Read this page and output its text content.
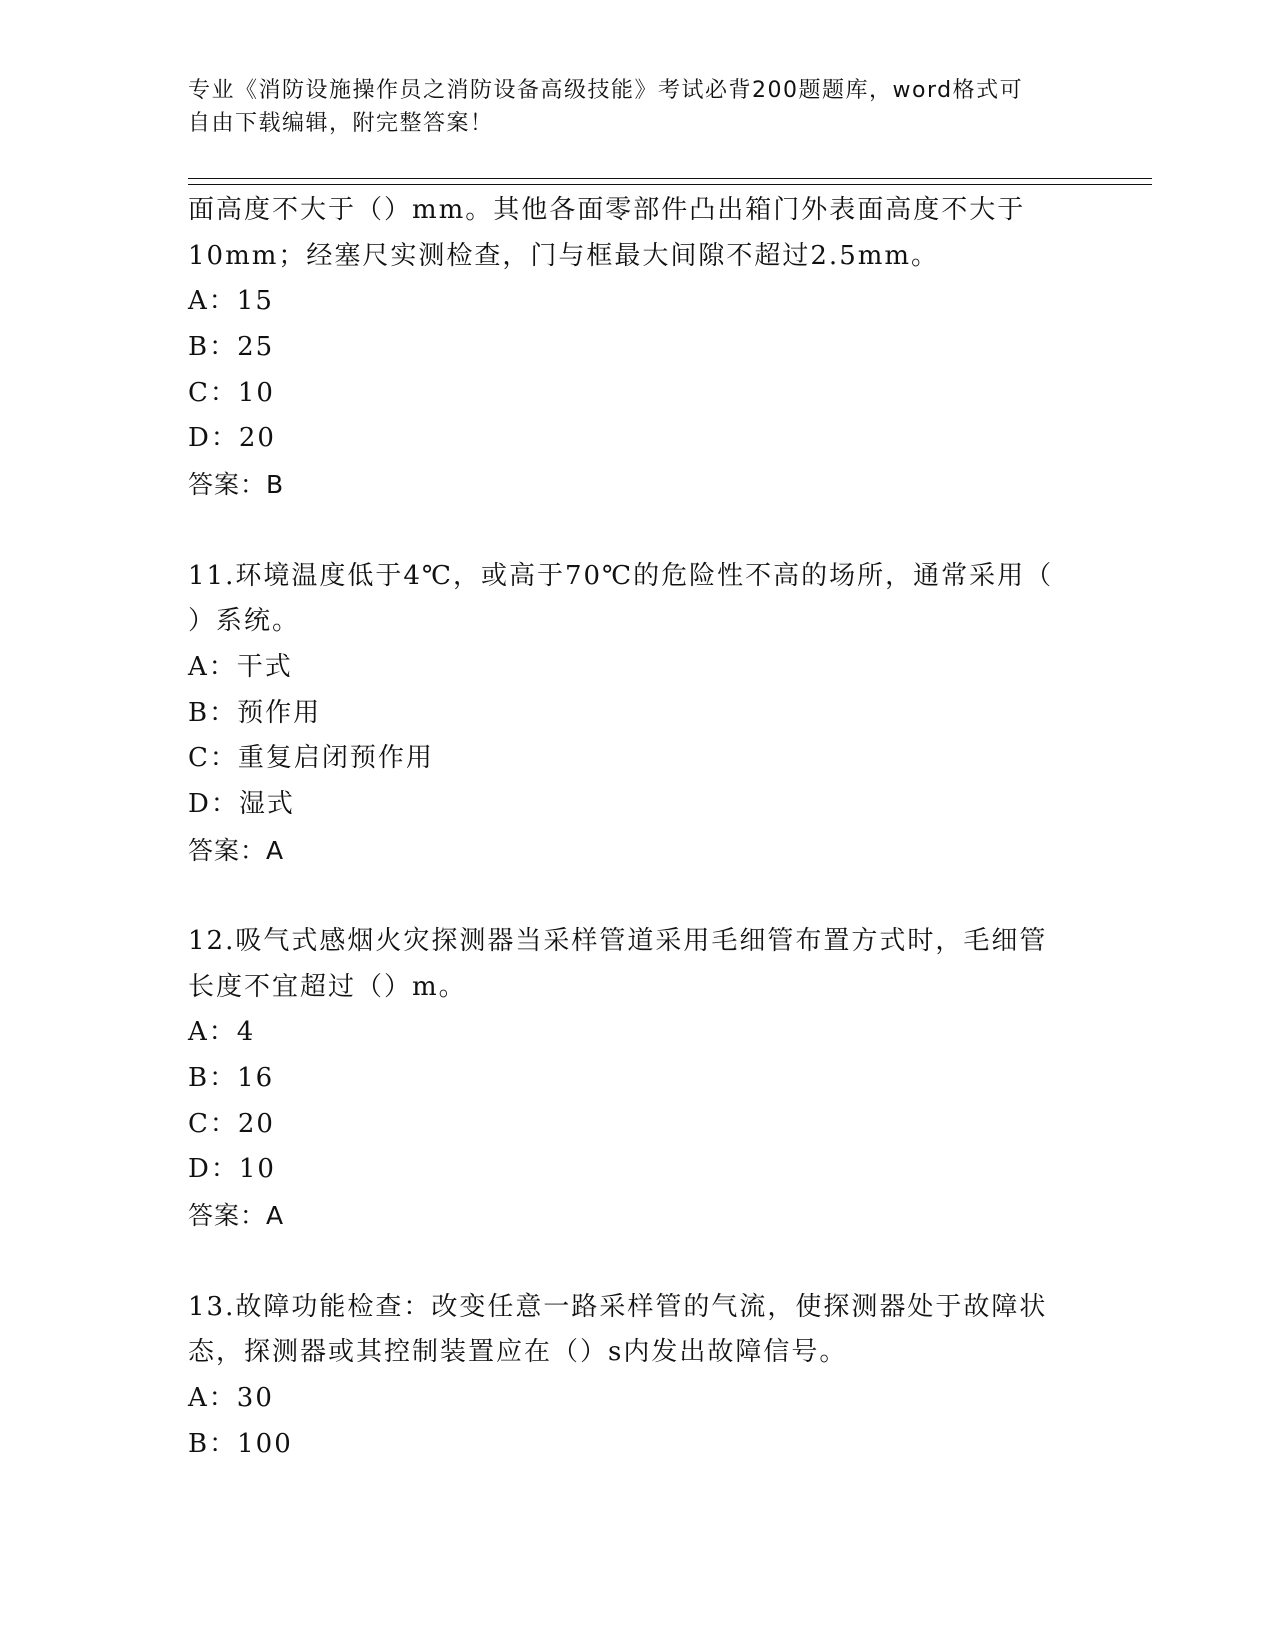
专业《消防设施操作员之消防设备高级技能》考试必背200题题库，word格式可
自由下载编辑，附完整答案！
面高度不大于（）mm。其他各面零部件凸出箱门外表面高度不大于
10mm；经塞尺实测检查，门与框最大间隙不超过2.5mm。
A：15
B：25
C：10
D：20
答案：B
11.环境温度低于4℃，或高于70℃的危险性不高的场所，通常采用（
）系统。
A：干式
B：预作用
C：重复启闭预作用
D：湿式
答案：A
12.吸气式感烟火灾探测器当采样管道采用毛细管布置方式时，毛细管
长度不宜超过（）m。
A：4
B：16
C：20
D：10
答案：A
13.故障功能检查：改变任意一路采样管的气流，使探测器处于故障状
态，探测器或其控制装置应在（）s内发出故障信号。
A：30
B：100
